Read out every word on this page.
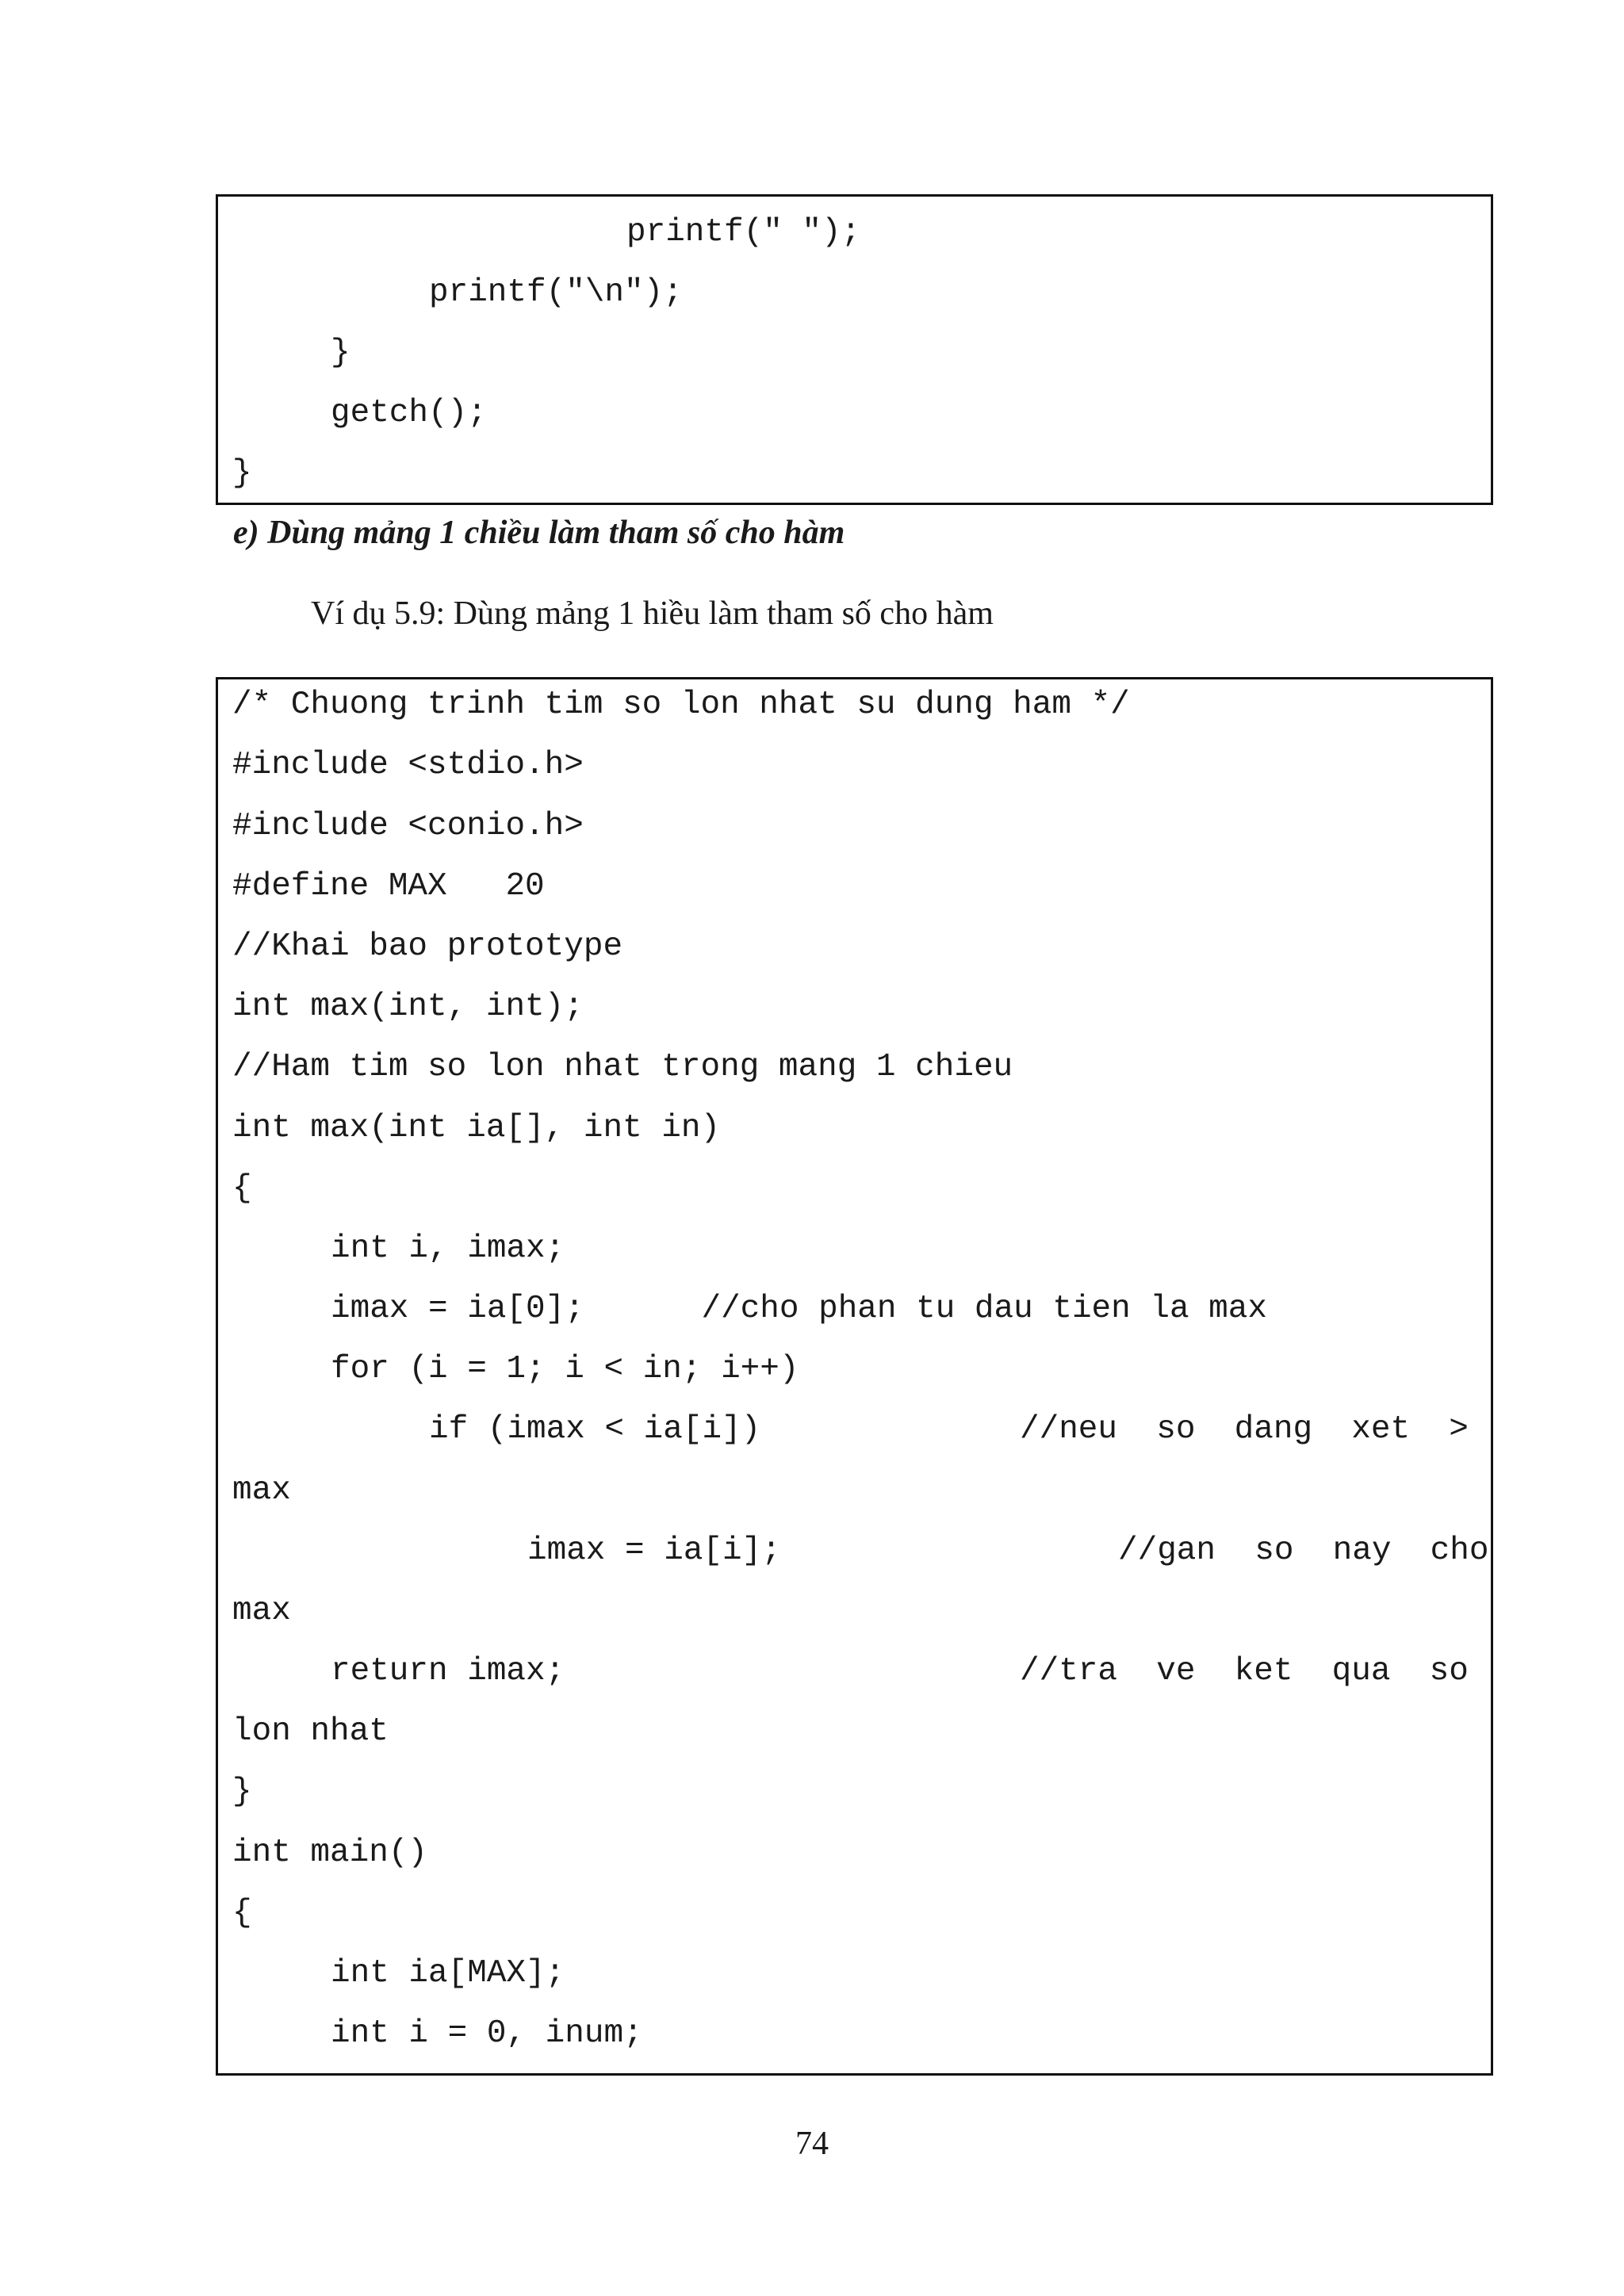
printf(" ");
printf("\n");
}
getch();
}
e) Dùng mảng 1 chiều làm tham số cho hàm
Ví dụ 5.9: Dùng mảng 1 hiều làm tham số cho hàm
/* Chuong trinh tim so lon nhat su dung ham */
#include <stdio.h>
#include <conio.h>
#define MAX   20
//Khai bao prototype
int max(int, int);
//Ham tim so lon nhat trong mang 1 chieu
int max(int ia[], int in)
{
int i, imax;
imax = ia[0];      //cho phan tu dau tien la max
for (i = 1; i < in; i++)
if (imax < ia[i])	//neu  so  dang  xet  >
max
imax = ia[i];	//gan  so  nay  cho
max
return imax;	//tra  ve  ket  qua  so
lon nhat
}
int main()
{
int ia[MAX];
int i = 0, inum;
74
